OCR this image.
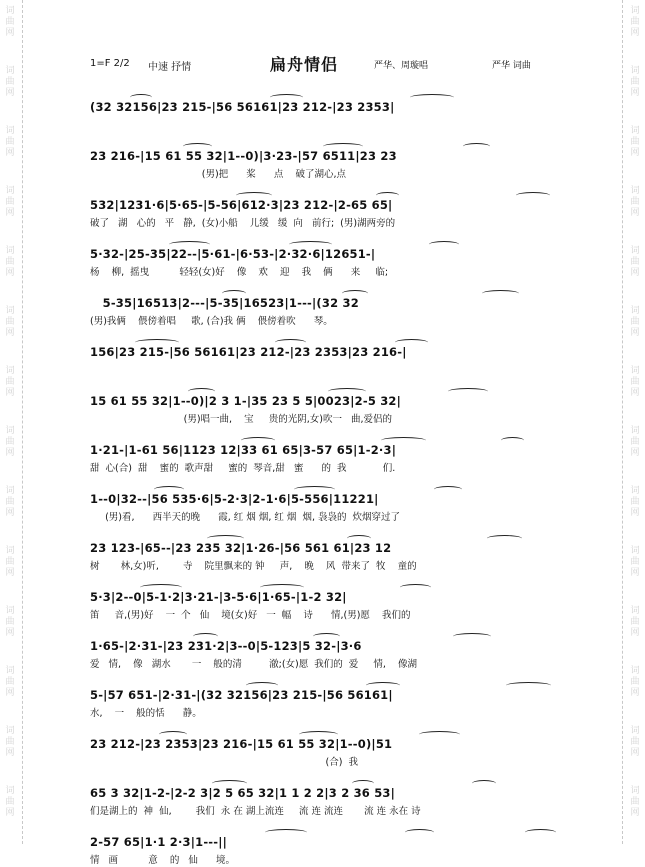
词
曲
网
词
曲
网
词
曲
网
词
曲
网
词
曲
网
词
曲
网
词
曲
网
词
曲
网
词
曲
网
词
曲
网
词
曲
网
词
曲
网
词
曲
网
词
曲
网
词
曲
网
词
曲
网
词
曲
网
词
曲
网
词
曲
网
词
曲
网
词
曲
网
词
曲
网
词
曲
网
词
曲
网
词
曲
网
词
曲
网
词
曲
网
词
曲
网
1=F 2/2 中速 抒情	扁舟情侣	严华、周璇唱	严华 词曲
(32 32156|23 215-|56 56161|23 212-|23 2353|
23 216-|15 61 55 32|1--0)|3·23-|57 6511|23 23
(男)把      桨      点    破了湖心,点
532|1231·6|5·65-|5-56|612·3|23 212-|2-65 65|
破了   湖   心的   平   静,  (女)小船    儿缓   缓  向   前行;  (男)湖两旁的
5·32-|25-35|22--|5·61-|6·53-|2·32·6|12651-|
杨    柳,  摇曳          轻轻(女)好    像    欢    迎    我    俩      来     临;
5-35|16513|2---|5-35|16523|1---|(32 32
(男)我俩    偎傍着唱     歌, (合)我 俩    偎傍着吹      琴。
156|23 215-|56 56161|23 212-|23 2353|23 216-|
15 61 55 32|1--0)|2 3 1-|35 23 5 5|0023|2-5 32|
(男)唱一曲,    宝     贵的光阴,女)吹一   曲,爱侣的
1·21-|1-61 56|1123 12|33 61 65|3-57 65|1-2·3|
甜  心(合)  甜    蜜的  歌声甜     蜜的  琴音,甜   蜜      的  我            们.
1--0|32--|56 535·6|5-2·3|2-1·6|5-556|11221|
(男)看,      西半天的晚      霞, 红 烟 烟, 红 烟  烟, 袅袅的  炊烟穿过了
23 123-|65--|23 235 32|1·26-|56 561 61|23 12
树       林,女)听,        寺    院里飘来的 钟     声,    晚    风  带来了  牧    童的
5·3|2--0|5-1·2|3·21-|3-5·6|1·65-|1-2 32|
笛     音,(男)好    一  个   仙    境(女)好   一  幅    诗      情,(男)愿    我们的
1·65-|2·31-|23 231·2|3--0|5-123|5 32-|3·6
爱   情,    像   湖水       一    般的清         澈;(女)愿  我们的  爱     情,    像湖
5-|57 651-|2·31-|(32 32156|23 215-|56 56161|
水,    一    般的恬      静。
23 212-|23 2353|23 216-|15 61 55 32|1--0)|51
(合)  我
65 3 32|1-2-|2-2 3|2 5 65 32|1 1 2 2|3 2 36 53|
们是湖上的  神  仙,        我们  永 在 湖上流连     流 连 流连       流 连 永在 诗
2-57 65|1·1 2·3|1---||
情   画          意    的   仙      境。
